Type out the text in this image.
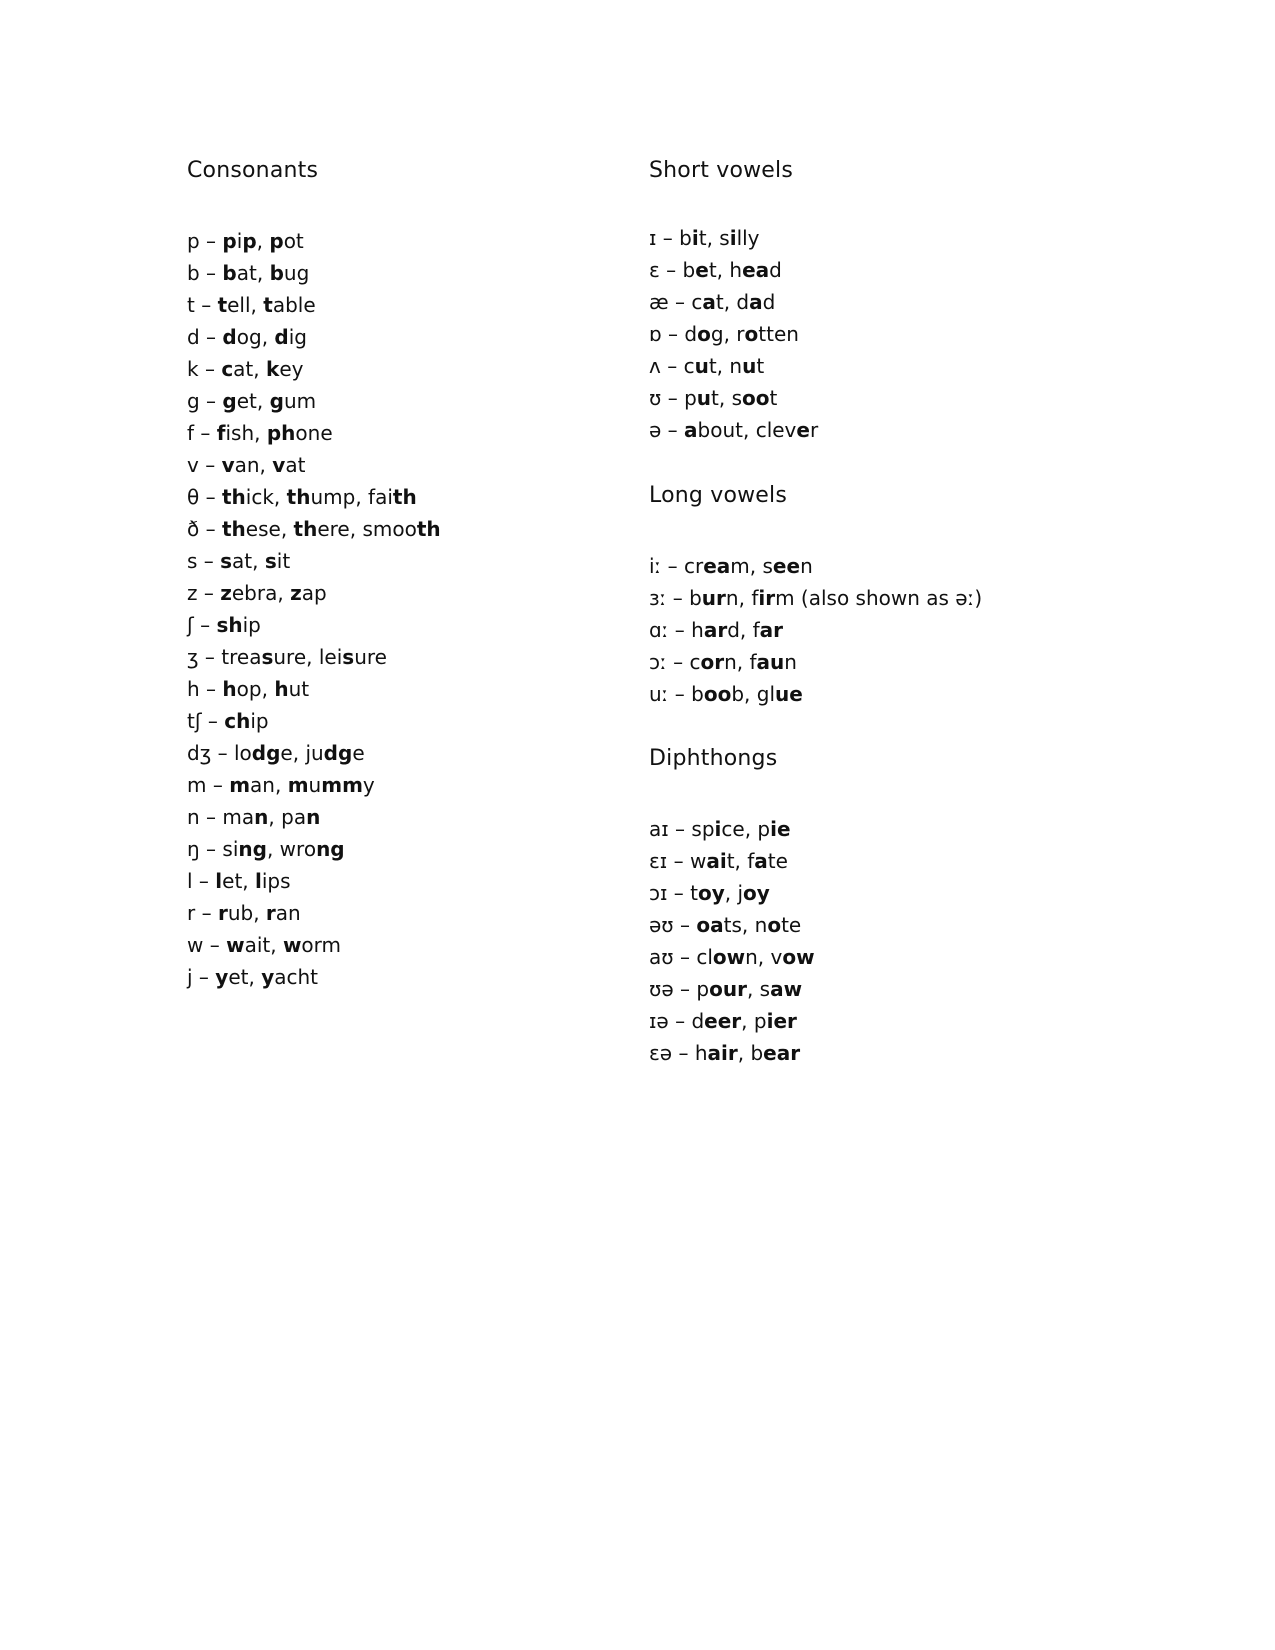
Consonants
p – pip, pot
b – bat, bug
t – tell, table
d – dog, dig
k – cat, key
g – get, gum
f – fish, phone
v – van, vat
θ – thick, thump, faith
ð – these, there, smooth
s – sat, sit
z – zebra, zap
ʃ – ship
ʒ – treasure, leisure
h – hop, hut
tʃ – chip
dʒ – lodge, judge
m – man, mummy
n – man, pan
ŋ – sing, wrong
l – let, lips
r – rub, ran
w – wait, worm
j – yet, yacht
Short vowels
ɪ – bit, silly
ɛ – bet, head
æ – cat, dad
ɒ – dog, rotten
ʌ – cut, nut
ʊ – put, soot
ə – about, clever
Long vowels
iː – cream, seen
ɜː – burn, firm (also shown as əː)
ɑː – hard, far
ɔː – corn, faun
uː – boob, glue
Diphthongs
aɪ – spice, pie
ɛɪ – wait, fate
ɔɪ – toy, joy
əʊ – oats, note
aʊ – clown, vow
ʊə – pour, saw
ɪə – deer, pier
ɛə – hair, bear
